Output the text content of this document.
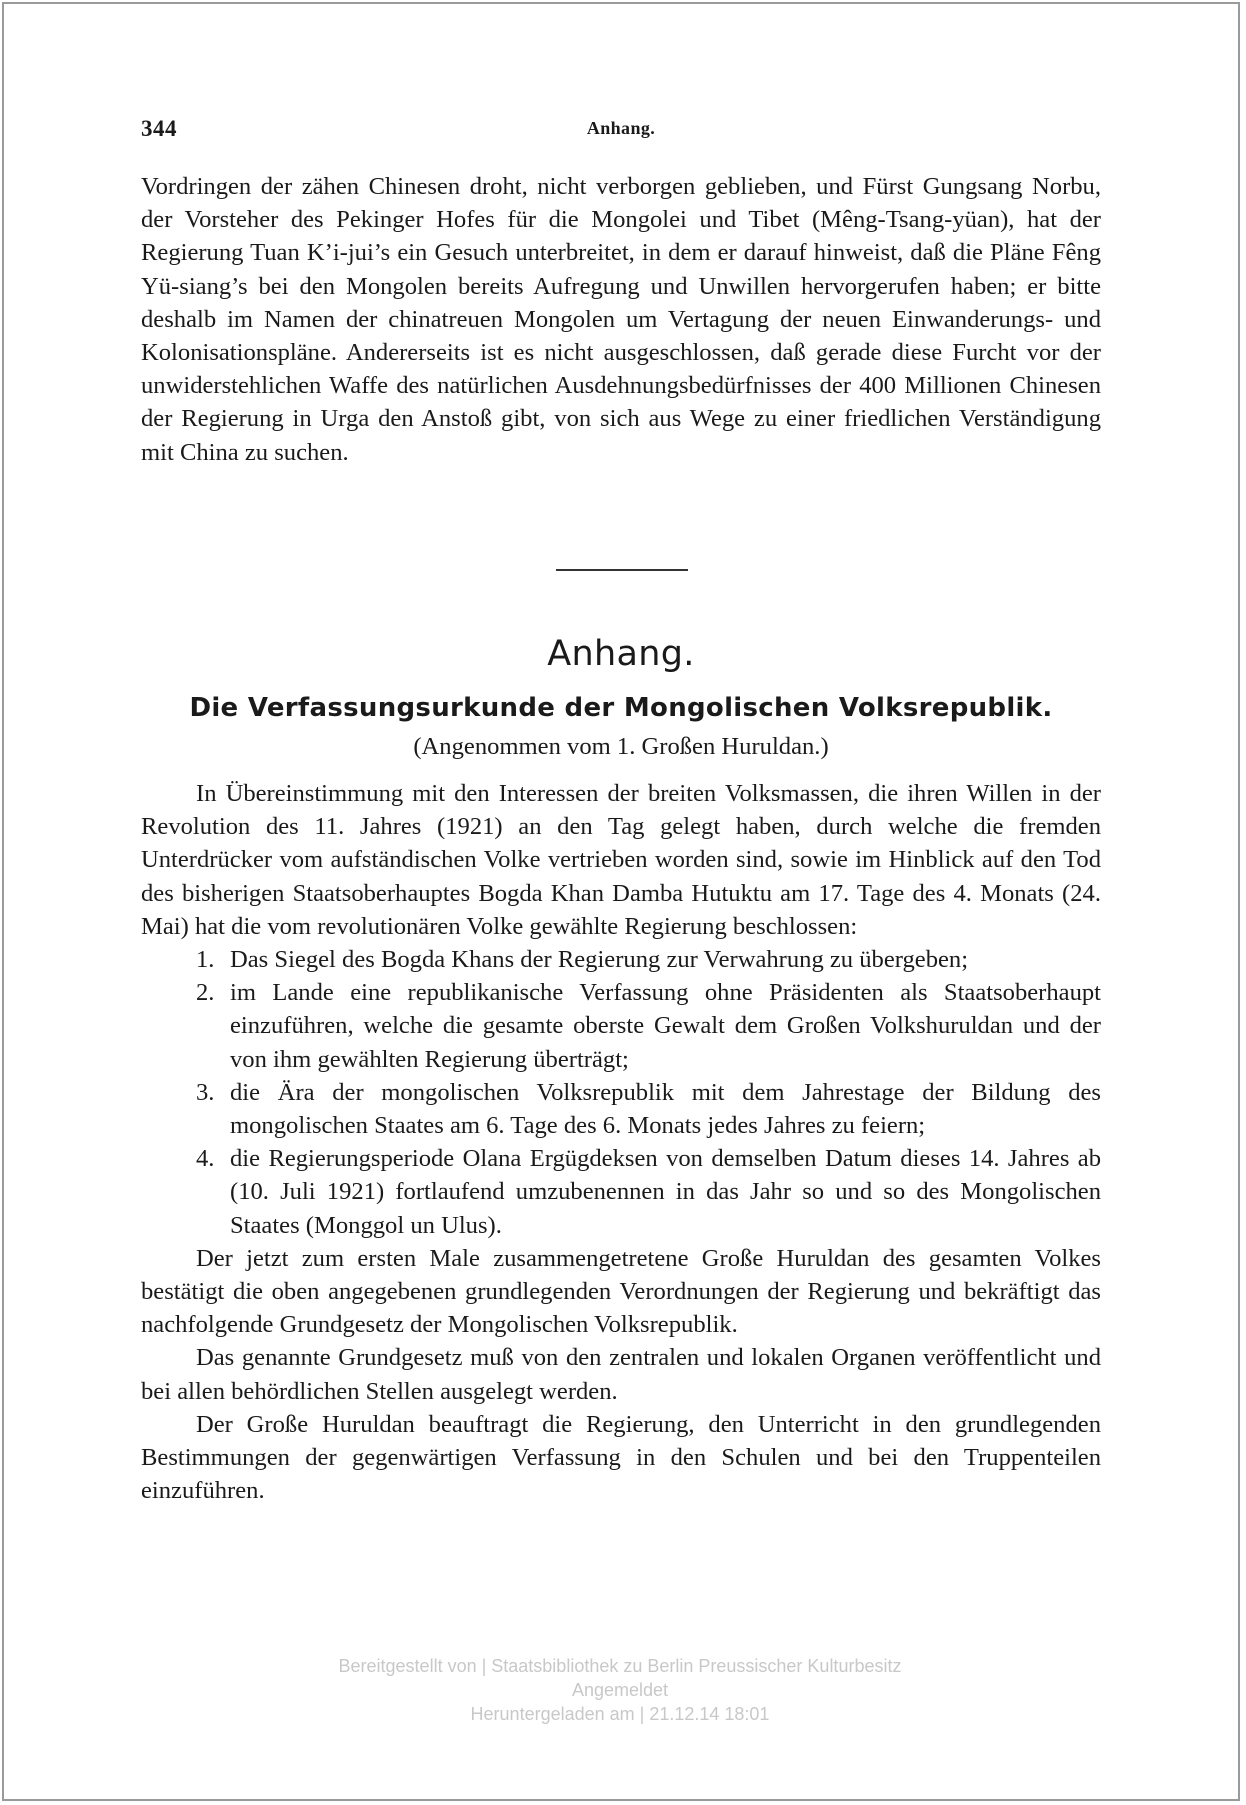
344	Anhang.

Vordringen der zähen Chinesen droht, nicht verborgen geblieben, und Fürst Gungsang Norbu, der Vorsteher des Pekinger Hofes für die Mongolei und Tibet (Mêng-Tsang-yüan), hat der Regierung Tuan K’i-jui’s ein Gesuch unterbreitet, in dem er darauf hinweist, daß die Pläne Fêng Yü-siang’s bei den Mongolen bereits Aufregung und Unwillen hervorgerufen haben; er bitte deshalb im Namen der chinatreuen Mongolen um Vertagung der neuen Einwanderungs- und Kolonisationspläne. Andererseits ist es nicht ausgeschlossen, daß gerade diese Furcht vor der unwiderstehlichen Waffe des natürlichen Ausdehnungsbedürfnisses der 400 Millionen Chinesen der Regierung in Urga den Anstoß gibt, von sich aus Wege zu einer friedlichen Verständigung mit China zu suchen.

Anhang.
Die Verfassungsurkunde der Mongolischen Volksrepublik.
(Angenommen vom 1. Großen Huruldan.)

In Übereinstimmung mit den Interessen der breiten Volksmassen, die ihren Willen in der Revolution des 11. Jahres (1921) an den Tag gelegt haben, durch welche die fremden Unterdrücker vom aufständischen Volke vertrieben worden sind, sowie im Hinblick auf den Tod des bisherigen Staatsoberhauptes Bogda Khan Damba Hutuktu am 17. Tage des 4. Monats (24. Mai) hat die vom revolutionären Volke gewählte Regierung beschlossen:

1. Das Siegel des Bogda Khans der Regierung zur Verwahrung zu übergeben;
2. im Lande eine republikanische Verfassung ohne Präsidenten als Staatsoberhaupt einzuführen, welche die gesamte oberste Gewalt dem Großen Volkshuruldan und der von ihm gewählten Regierung überträgt;
3. die Ära der mongolischen Volksrepublik mit dem Jahrestage der Bildung des mongolischen Staates am 6. Tage des 6. Monats jedes Jahres zu feiern;
4. die Regierungsperiode Olana Ergügdeksen von demselben Datum dieses 14. Jahres ab (10. Juli 1921) fortlaufend umzubenennen in das Jahr so und so des Mongolischen Staates (Monggol un Ulus).

Der jetzt zum ersten Male zusammengetretene Große Huruldan des gesamten Volkes bestätigt die oben angegebenen grundlegenden Verordnungen der Regierung und bekräftigt das nachfolgende Grundgesetz der Mongolischen Volksrepublik.

Das genannte Grundgesetz muß von den zentralen und lokalen Organen veröffentlicht und bei allen behördlichen Stellen ausgelegt werden.

Der Große Huruldan beauftragt die Regierung, den Unterricht in den grundlegenden Bestimmungen der gegenwärtigen Verfassung in den Schulen und bei den Truppenteilen einzuführen.

Bereitgestellt von | Staatsbibliothek zu Berlin Preussischer Kulturbesitz
Angemeldet
Heruntergeladen am | 21.12.14 18:01
